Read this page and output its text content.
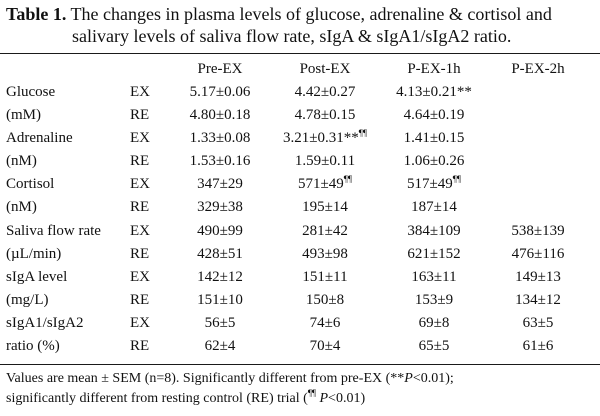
Table 1. The changes in plasma levels of glucose, adrenaline & cortisol and
salivary levels of saliva flow rate, sIgA & sIgA1/sIgA2 ratio.
		Pre-EX	Post-EX	P-EX-1h	P-EX-2h
Glucose	EX	5.17±0.06	4.42±0.27	4.13±0.21**	
(mM)	RE	4.80±0.18	4.78±0.15	4.64±0.19	
Adrenaline	EX	1.33±0.08	3.21±0.31**¶¶	1.41±0.15	
(nM)	RE	1.53±0.16	1.59±0.11	1.06±0.26	
Cortisol	EX	347±29	571±49¶¶	517±49¶¶	
(nM)	RE	329±38	195±14	187±14	
Saliva flow rate	EX	490±99	281±42	384±109	538±139
(µL/min)	RE	428±51	493±98	621±152	476±116
sIgA level	EX	142±12	151±11	163±11	149±13
(mg/L)	RE	151±10	150±8	153±9	134±12
sIgA1/sIgA2	EX	56±5	74±6	69±8	63±5
ratio (%)	RE	62±4	70±4	65±5	61±6
Values are mean ± SEM (n=8). Significantly different from pre-EX (**P<0.01);
significantly different from resting control (RE) trial (¶¶ P<0.01)
